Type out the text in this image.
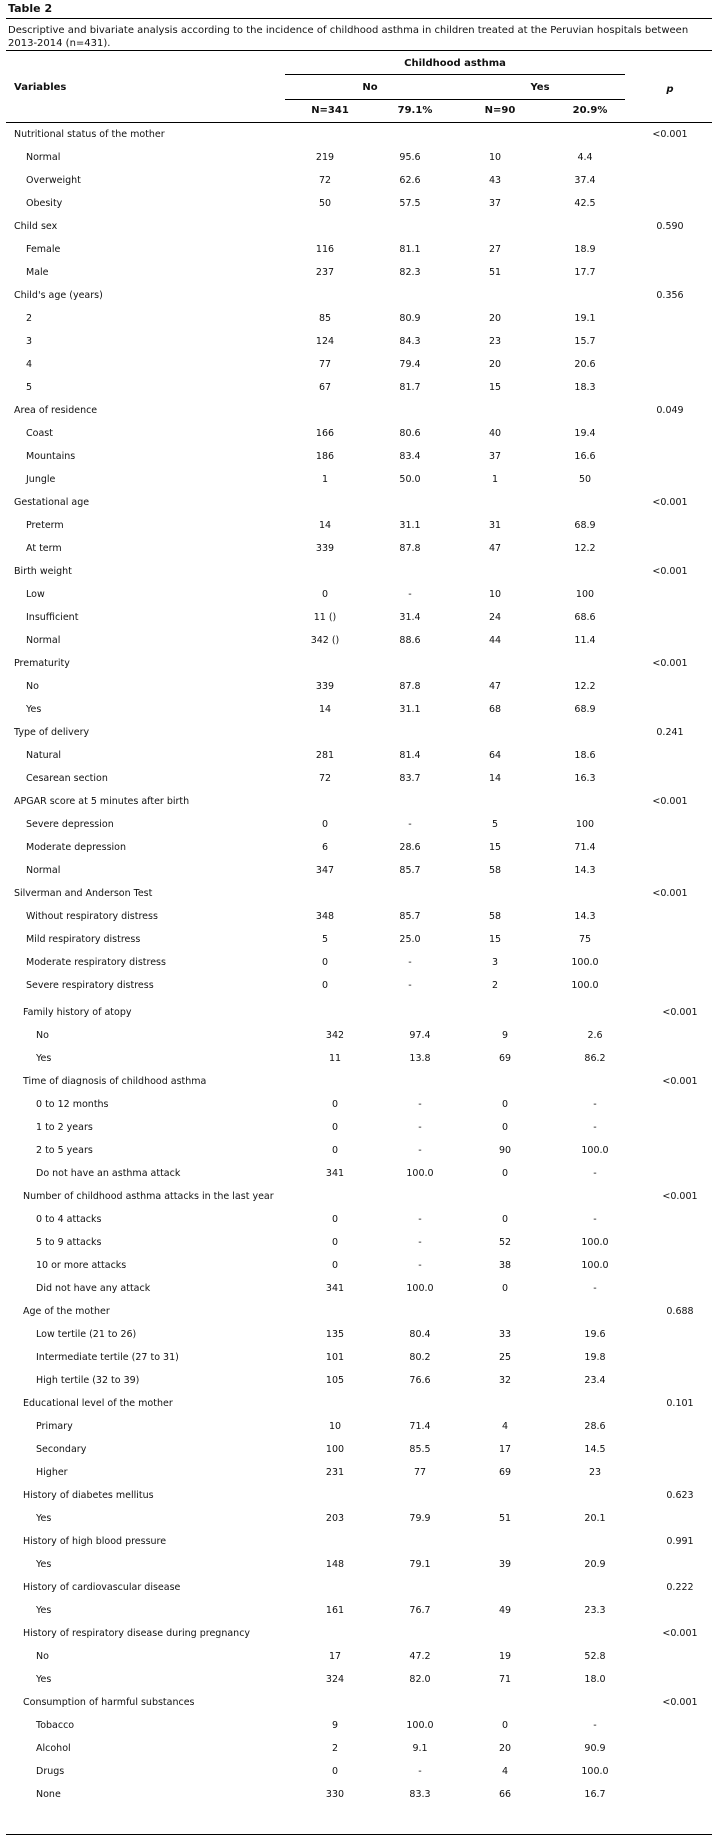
Table 2
Descriptive and bivariate analysis according to the incidence of childhood asthma in children treated at the Peruvian hospitals between 2013-2014 (n=431).
Childhood asthma
Variables	No	Yes	p
N=341	79.1%	N=90	20.9%
Nutritional status of the mother	<0.001
Normal	219	95.6	10	4.4
Overweight	72	62.6	43	37.4
Obesity	50	57.5	37	42.5
Child sex	0.590
Female	116	81.1	27	18.9
Male	237	82.3	51	17.7
Child's age (years)	0.356
2	85	80.9	20	19.1
3	124	84.3	23	15.7
4	77	79.4	20	20.6
5	67	81.7	15	18.3
Area of residence	0.049
Coast	166	80.6	40	19.4
Mountains	186	83.4	37	16.6
Jungle	1	50.0	1	50
Gestational age	<0.001
Preterm	14	31.1	31	68.9
At term	339	87.8	47	12.2
Birth weight	<0.001
Low	0	-	10	100
Insufficient	11 ()	31.4	24	68.6
Normal	342 ()	88.6	44	11.4
Prematurity	<0.001
No	339	87.8	47	12.2
Yes	14	31.1	68	68.9
Type of delivery	0.241
Natural	281	81.4	64	18.6
Cesarean section	72	83.7	14	16.3
APGAR score at 5 minutes after birth	<0.001
Severe depression	0	-	5	100
Moderate depression	6	28.6	15	71.4
Normal	347	85.7	58	14.3
Silverman and Anderson Test	<0.001
Without respiratory distress	348	85.7	58	14.3
Mild respiratory distress	5	25.0	15	75
Moderate respiratory distress	0	-	3	100.0
Severe respiratory distress	0	-	2	100.0
Family history of atopy	<0.001
No	342	97.4	9	2.6
Yes	11	13.8	69	86.2
Time of diagnosis of childhood asthma	<0.001
0 to 12 months	0	-	0	-
1 to 2 years	0	-	0	-
2 to 5 years	0	-	90	100.0
Do not have an asthma attack	341	100.0	0	-
Number of childhood asthma attacks in the last year	<0.001
0 to 4 attacks	0	-	0	-
5 to 9 attacks	0	-	52	100.0
10 or more attacks	0	-	38	100.0
Did not have any attack	341	100.0	0	-
Age of the mother	0.688
Low tertile (21 to 26)	135	80.4	33	19.6
Intermediate tertile (27 to 31)	101	80.2	25	19.8
High tertile (32 to 39)	105	76.6	32	23.4
Educational level of the mother	0.101
Primary	10	71.4	4	28.6
Secondary	100	85.5	17	14.5
Higher	231	77	69	23
History of diabetes mellitus	0.623
Yes	203	79.9	51	20.1
History of high blood pressure	0.991
Yes	148	79.1	39	20.9
History of cardiovascular disease	0.222
Yes	161	76.7	49	23.3
History of respiratory disease during pregnancy	<0.001
No	17	47.2	19	52.8
Yes	324	82.0	71	18.0
Consumption of harmful substances	<0.001
Tobacco	9	100.0	0	-
Alcohol	2	9.1	20	90.9
Drugs	0	-	4	100.0
None	330	83.3	66	16.7
